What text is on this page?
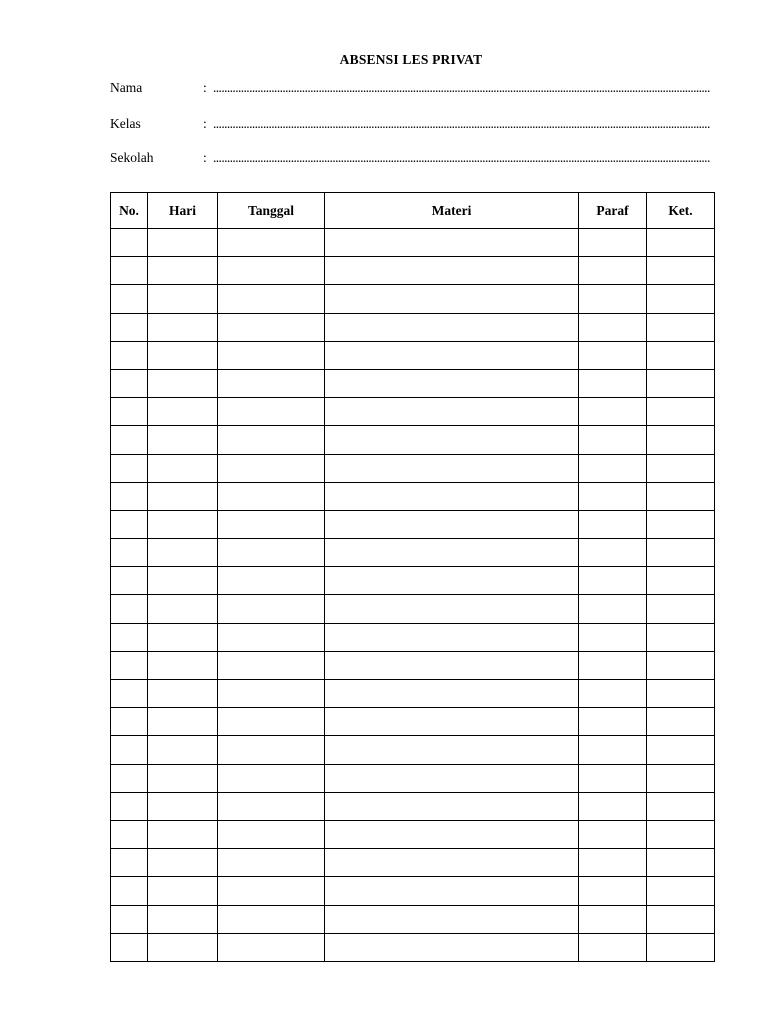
ABSENSI LES PRIVAT
Nama	:
.....
Kelas	:
.....
Sekolah	:
.....
No.	Hari	Tanggal	Materi	Paraf	Ket.
